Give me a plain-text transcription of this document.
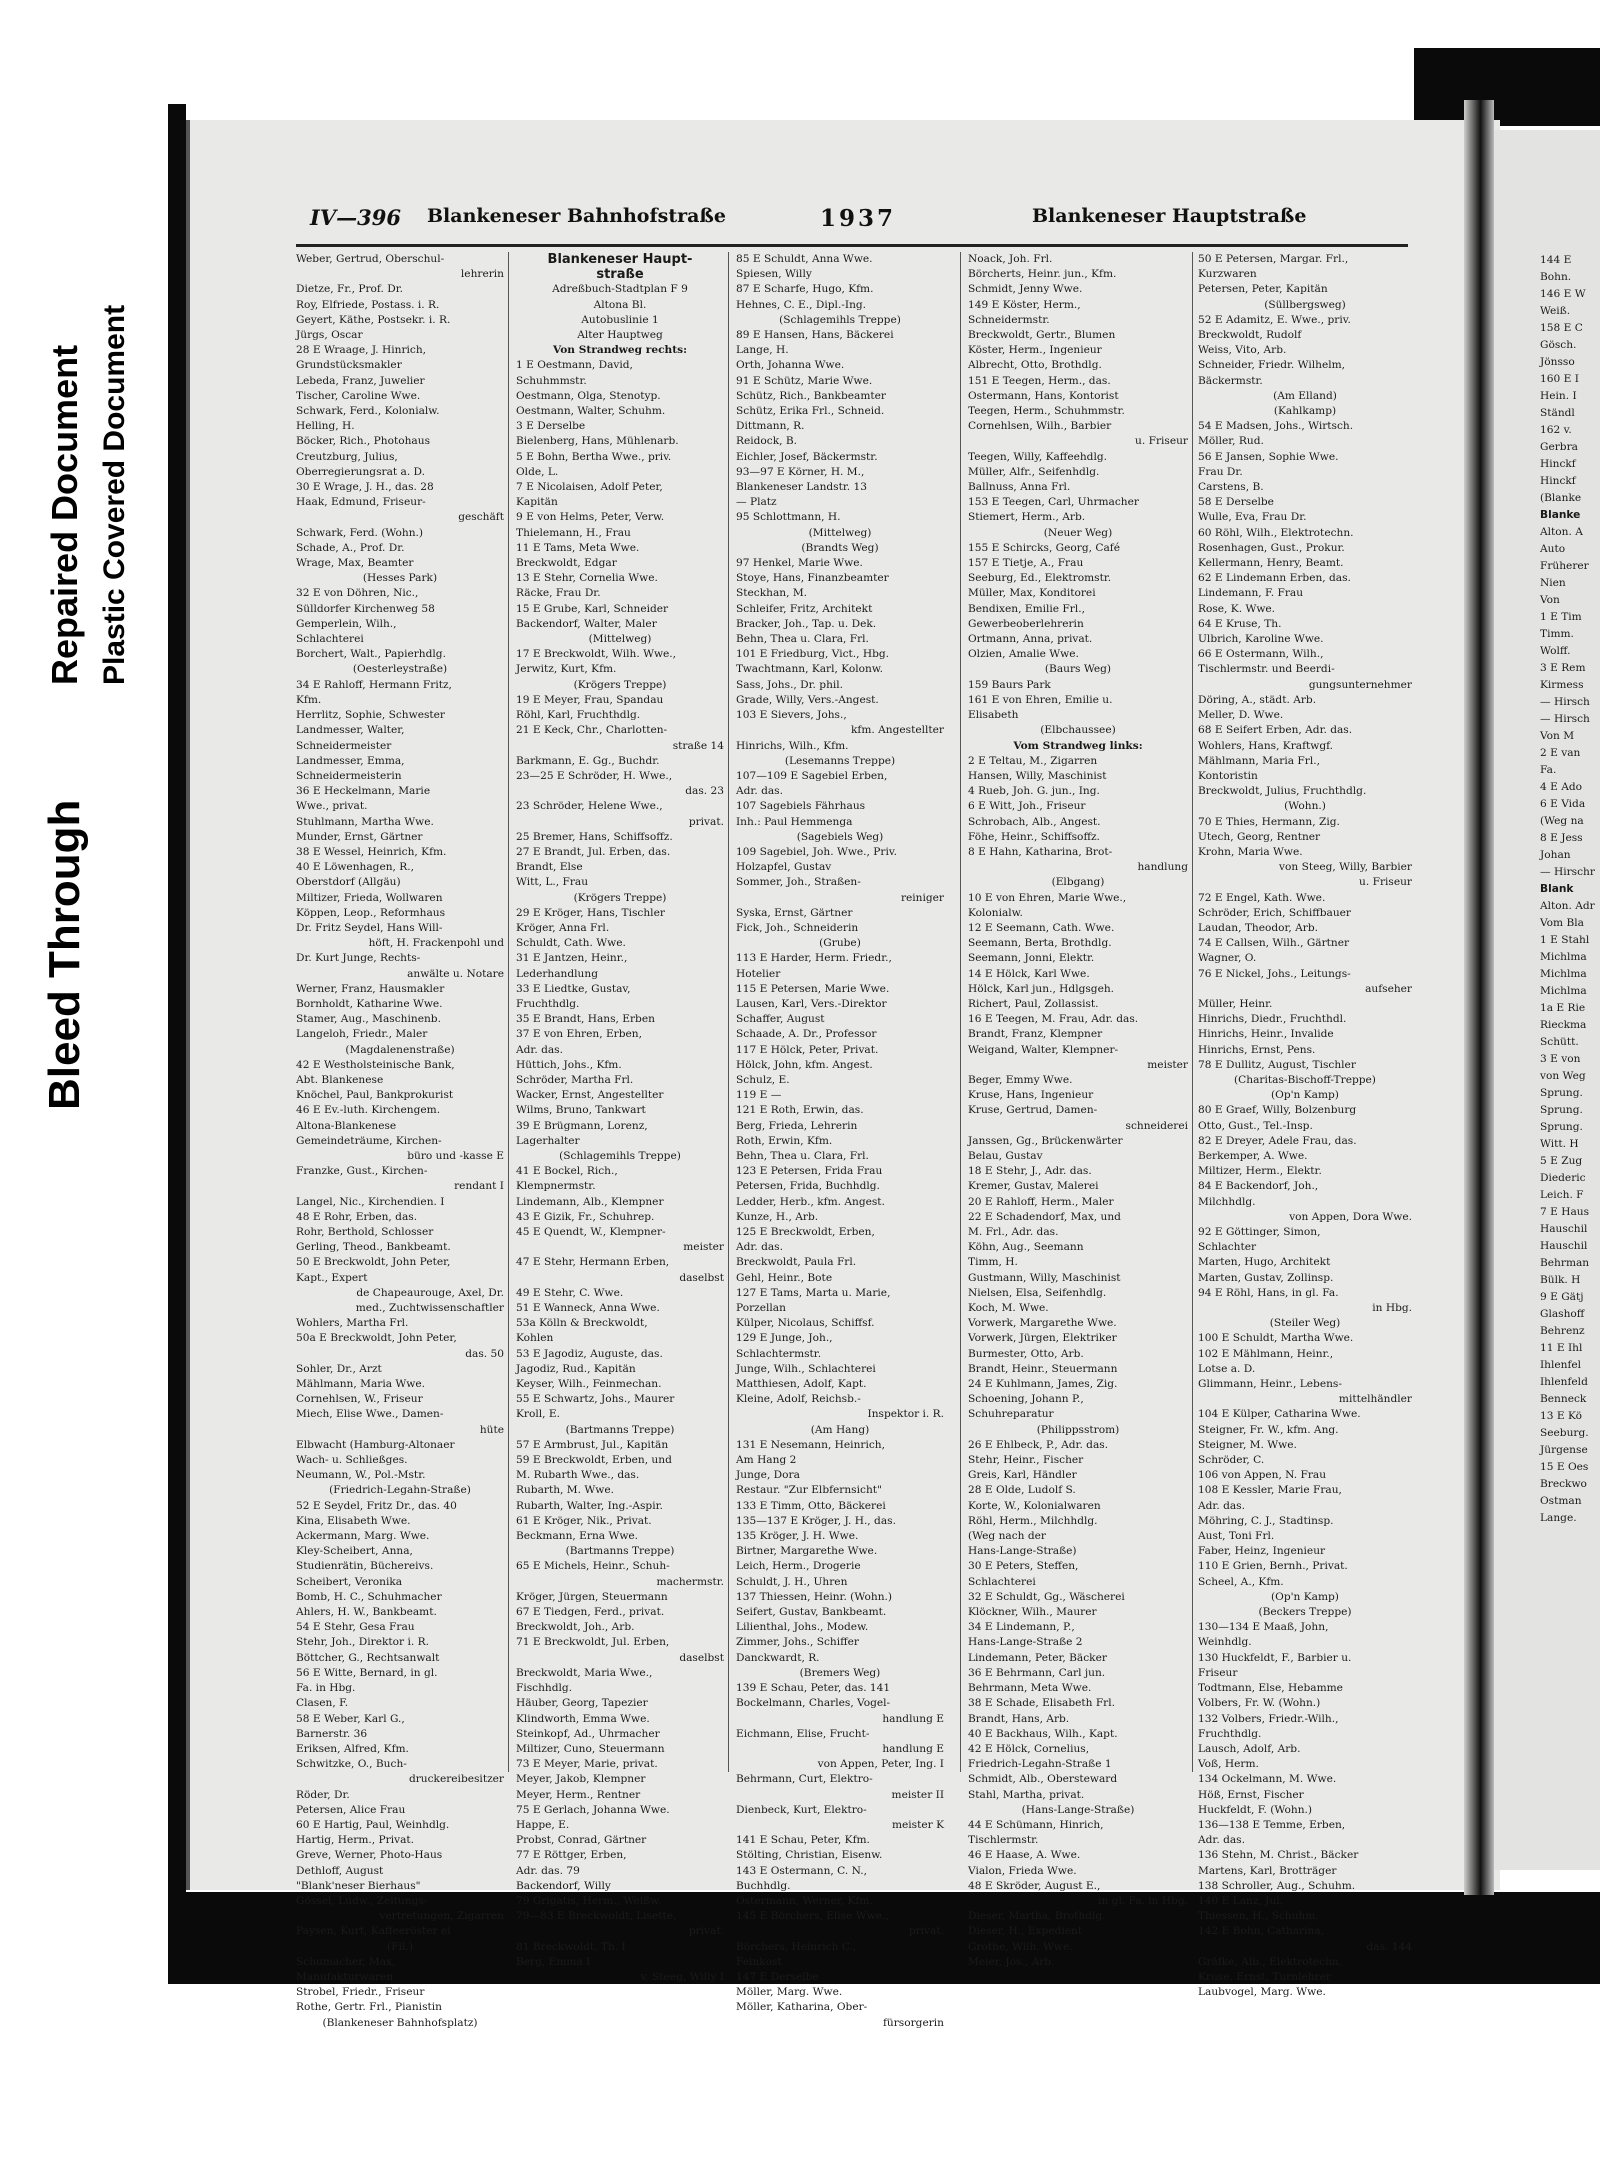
Bleed Through
Repaired Document Plastic Covered Document
IV—396 Blankeneser Bahnhofstraße	1937	Blankeneser Hauptstraße
Weber, Gertrud, Oberschul-
lehrerin
Dietze, Fr., Prof. Dr.
Roy, Elfriede, Postass. i. R.
Geyert, Käthe, Postsekr. i. R.
Jürgs, Oscar
28 E Wraage, J. Hinrich,
Grundstücksmakler
Lebeda, Franz, Juwelier
Tischer, Caroline Wwe.
Schwark, Ferd., Kolonialw.
Helling, H.
Böcker, Rich., Photohaus
Creutzburg, Julius,
Oberregierungsrat a. D.
30 E Wrage, J. H., das. 28
Haak, Edmund, Friseur-
geschäft
Schwark, Ferd. (Wohn.)
Schade, A., Prof. Dr.
Wrage, Max, Beamter
(Hesses Park)
32 E von Döhren, Nic.,
Sülldorfer Kirchenweg 58
Gemperlein, Wilh.,
Schlachterei
Borchert, Walt., Papierhdlg.
(Oesterleystraße)
34 E Rahloff, Hermann Fritz,
Kfm.
Herrlitz, Sophie, Schwester
Landmesser, Walter,
Schneidermeister
Landmesser, Emma,
Schneidermeisterin
36 E Heckelmann, Marie
Wwe., privat.
Stuhlmann, Martha Wwe.
Munder, Ernst, Gärtner
38 E Wessel, Heinrich, Kfm.
40 E Löwenhagen, R.,
Oberstdorf (Allgäu)
Miltizer, Frieda, Wollwaren
Köppen, Leop., Reformhaus
Dr. Fritz Seydel, Hans Will-
höft, H. Frackenpohl und
Dr. Kurt Junge, Rechts-
anwälte u. Notare
Werner, Franz, Hausmakler
Bornholdt, Katharine Wwe.
Stamer, Aug., Maschinenb.
Langeloh, Friedr., Maler
(Magdalenenstraße)
42 E Westholsteinische Bank,
Abt. Blankenese
Knöchel, Paul, Bankprokurist
46 E Ev.-luth. Kirchengem.
Altona-Blankenese
Gemeindeträume, Kirchen-
büro und -kasse E
Franzke, Gust., Kirchen-
rendant I
Langel, Nic., Kirchendien. I
48 E Rohr, Erben, das.
Rohr, Berthold, Schlosser
Gerling, Theod., Bankbeamt.
50 E Breckwoldt, John Peter,
Kapt., Expert
de Chapeaurouge, Axel, Dr.
med., Zuchtwissenschaftler
Wohlers, Martha Frl.
50a E Breckwoldt, John Peter,
das. 50
Sohler, Dr., Arzt
Mählmann, Maria Wwe.
Cornehlsen, W., Friseur
Miech, Elise Wwe., Damen-
hüte
Elbwacht (Hamburg-Altonaer
Wach- u. Schließges.
Neumann, W., Pol.-Mstr.
(Friedrich-Legahn-Straße)
52 E Seydel, Fritz Dr., das. 40
Kina, Elisabeth Wwe.
Ackermann, Marg. Wwe.
Kley-Scheibert, Anna,
Studienrätin, Büchereivs.
Scheibert, Veronika
Bomb, H. C., Schuhmacher
Ahlers, H. W., Bankbeamt.
54 E Stehr, Gesa Frau
Stehr, Joh., Direktor i. R.
Böttcher, G., Rechtsanwalt
56 E Witte, Bernard, in gl.
Fa. in Hbg.
Clasen, F.
58 E Weber, Karl G.,
Barnerstr. 36
Eriksen, Alfred, Kfm.
Schwitzke, O., Buch-
druckereibesitzer
Röder, Dr.
Petersen, Alice Frau
60 E Hartig, Paul, Weinhdlg.
Hartig, Herm., Privat.
Greve, Werner, Photo-Haus
Dethloff, August
"Blank'neser Bierhaus"
Gössel, Ludw., Zeitungs-
vertretungen, Zigarren
Paysen, Kurt, Kaffeeröster ei
(Fil.)
Schumacher, Max,
Manufakturwaren
Strobel, Friedr., Friseur
Rothe, Gertr. Frl., Pianistin
(Blankeneser Bahnhofsplatz)
Blankeneser Haupt-
straße
Adreßbuch-Stadtplan F 9
Altona Bl.
Autobuslinie 1
Alter Hauptweg
Von Strandweg rechts:
1 E Oestmann, David,
Schuhmmstr.
Oestmann, Olga, Stenotyp.
Oestmann, Walter, Schuhm.
3 E Derselbe
Bielenberg, Hans, Mühlenarb.
5 E Bohn, Bertha Wwe., priv.
Olde, L.
7 E Nicolaisen, Adolf Peter,
Kapitän
9 E von Helms, Peter, Verw.
Thielemann, H., Frau
11 E Tams, Meta Wwe.
Breckwoldt, Edgar
13 E Stehr, Cornelia Wwe.
Räcke, Frau Dr.
15 E Grube, Karl, Schneider
Backendorf, Walter, Maler
(Mittelweg)
17 E Breckwoldt, Wilh. Wwe.,
Jerwitz, Kurt, Kfm.
(Krögers Treppe)
19 E Meyer, Frau, Spandau
Röhl, Karl, Fruchthdlg.
21 E Keck, Chr., Charlotten-
straße 14
Barkmann, E. Gg., Buchdr.
23—25 E Schröder, H. Wwe.,
das. 23
23 Schröder, Helene Wwe.,
privat.
25 Bremer, Hans, Schiffsoffz.
27 E Brandt, Jul. Erben, das.
Brandt, Else
Witt, L., Frau
(Krögers Treppe)
29 E Kröger, Hans, Tischler
Kröger, Anna Frl.
Schuldt, Cath. Wwe.
31 E Jantzen, Heinr.,
Lederhandlung
33 E Liedtke, Gustav,
Fruchthdlg.
35 E Brandt, Hans, Erben
37 E von Ehren, Erben,
Adr. das.
Hüttich, Johs., Kfm.
Schröder, Martha Frl.
Wacker, Ernst, Angestellter
Wilms, Bruno, Tankwart
39 E Brügmann, Lorenz,
Lagerhalter
(Schlagemihls Treppe)
41 E Bockel, Rich.,
Klempnermstr.
Lindemann, Alb., Klempner
43 E Gizik, Fr., Schuhrep.
45 E Quendt, W., Klempner-
meister
47 E Stehr, Hermann Erben,
daselbst
49 E Stehr, C. Wwe.
51 E Wanneck, Anna Wwe.
53a Kölln & Breckwoldt,
Kohlen
53 E Jagodiz, Auguste, das.
Jagodiz, Rud., Kapitän
Keyser, Wilh., Feinmechan.
55 E Schwartz, Johs., Maurer
Kroll, E.
(Bartmanns Treppe)
57 E Armbrust, Jul., Kapitän
59 E Breckwoldt, Erben, und
M. Rubarth Wwe., das.
Rubarth, M. Wwe.
Rubarth, Walter, Ing.-Aspir.
61 E Kröger, Nik., Privat.
Beckmann, Erna Wwe.
(Bartmanns Treppe)
65 E Michels, Heinr., Schuh-
machermstr.
Kröger, Jürgen, Steuermann
67 E Tiedgen, Ferd., privat.
Breckwoldt, Joh., Arb.
71 E Breckwoldt, Jul. Erben,
daselbst
Breckwoldt, Maria Wwe.,
Fischhdlg.
Häuber, Georg, Tapezier
Klindworth, Emma Wwe.
Steinkopf, Ad., Uhrmacher
Miltizer, Cuno, Steuermann
73 E Meyer, Marie, privat.
Meyer, Jakob, Klempner
Meyer, Herm., Rentner
75 E Gerlach, Johanna Wwe.
Happe, E.
Probst, Conrad, Gärtner
77 E Röttger, Erben,
Adr. das. 79
Backendorf, Willy
79 Grigatis, Herm., Weißw.
79—83 E Breckwoldt, Lisette,
privat.
81 Breckwoldt, Th. I
Berg, Emma I
v. Steeg, Willy I
85 E Schuldt, Anna Wwe.
Spiesen, Willy
87 E Scharfe, Hugo, Kfm.
Hehnes, C. E., Dipl.-Ing.
(Schlagemihls Treppe)
89 E Hansen, Hans, Bäckerei
Lange, H.
Orth, Johanna Wwe.
91 E Schütz, Marie Wwe.
Schütz, Rich., Bankbeamter
Schütz, Erika Frl., Schneid.
Dittmann, R.
Reidock, B.
Eichler, Josef, Bäckermstr.
93—97 E Körner, H. M.,
Blankeneser Landstr. 13
— Platz
95 Schlottmann, H.
(Mittelweg)
(Brandts Weg)
97 Henkel, Marie Wwe.
Stoye, Hans, Finanzbeamter
Steckhan, M.
Schleifer, Fritz, Architekt
Bracker, Joh., Tap. u. Dek.
Behn, Thea u. Clara, Frl.
101 E Friedburg, Vict., Hbg.
Twachtmann, Karl, Kolonw.
Sass, Johs., Dr. phil.
Grade, Willy, Vers.-Angest.
103 E Sievers, Johs.,
kfm. Angestellter
Hinrichs, Wilh., Kfm.
(Lesemanns Treppe)
107—109 E Sagebiel Erben,
Adr. das.
107 Sagebiels Fährhaus
Inh.: Paul Hemmenga
(Sagebiels Weg)
109 Sagebiel, Joh. Wwe., Priv.
Holzapfel, Gustav
Sommer, Joh., Straßen-
reiniger
Syska, Ernst, Gärtner
Fick, Joh., Schneiderin
(Grube)
113 E Harder, Herm. Friedr.,
Hotelier
115 E Petersen, Marie Wwe.
Lausen, Karl, Vers.-Direktor
Schaffer, August
Schaade, A. Dr., Professor
117 E Hölck, Peter, Privat.
Hölck, John, kfm. Angest.
Schulz, E.
119 E —
121 E Roth, Erwin, das.
Berg, Frieda, Lehrerin
Roth, Erwin, Kfm.
Behn, Thea u. Clara, Frl.
123 E Petersen, Frida Frau
Petersen, Frida, Buchhdlg.
Ledder, Herb., kfm. Angest.
Kunze, H., Arb.
125 E Breckwoldt, Erben,
Adr. das.
Breckwoldt, Paula Frl.
Gehl, Heinr., Bote
127 E Tams, Marta u. Marie,
Porzellan
Külper, Nicolaus, Schiffsf.
129 E Junge, Joh.,
Schlachtermstr.
Junge, Wilh., Schlachterei
Matthiesen, Adolf, Kapt.
Kleine, Adolf, Reichsb.-
Inspektor i. R.
(Am Hang)
131 E Nesemann, Heinrich,
Am Hang 2
Junge, Dora
Restaur. "Zur Elbfernsicht"
133 E Timm, Otto, Bäckerei
135—137 E Kröger, J. H., das.
135 Kröger, J. H. Wwe.
Birtner, Margarethe Wwe.
Leich, Herm., Drogerie
Schuldt, J. H., Uhren
137 Thiessen, Heinr. (Wohn.)
Seifert, Gustav, Bankbeamt.
Lilienthal, Johs., Modew.
Zimmer, Johs., Schiffer
Danckwardt, R.
(Bremers Weg)
139 E Schau, Peter, das. 141
Bockelmann, Charles, Vogel-
handlung E
Eichmann, Elise, Frucht-
handlung E
von Appen, Peter, Ing. I
Behrmann, Curt, Elektro-
meister II
Dienbeck, Kurt, Elektro-
meister K
141 E Schau, Peter, Kfm.
Stölting, Christian, Eisenw.
143 E Ostermann, C. N.,
Buchhdlg.
Ostermann, Werner, Kfm.
145 E Börchers, Elise Wwe.,
privat.
Börchers, Heinrich C.,
Feinkost
147 E Derselbe
Möller, Marg. Wwe.
Möller, Katharina, Ober-
fürsorgerin
Noack, Joh. Frl.
Börcherts, Heinr. jun., Kfm.
Schmidt, Jenny Wwe.
149 E Köster, Herm.,
Schneidermstr.
Breckwoldt, Gertr., Blumen
Köster, Herm., Ingenieur
Albrecht, Otto, Brothdlg.
151 E Teegen, Herm., das.
Ostermann, Hans, Kontorist
Teegen, Herm., Schuhmmstr.
Cornehlsen, Wilh., Barbier
u. Friseur
Teegen, Willy, Kaffeehdlg.
Müller, Alfr., Seifenhdlg.
Ballnuss, Anna Frl.
153 E Teegen, Carl, Uhrmacher
Stiemert, Herm., Arb.
(Neuer Weg)
155 E Schircks, Georg, Café
157 E Tietje, A., Frau
Seeburg, Ed., Elektromstr.
Müller, Max, Konditorei
Bendixen, Emilie Frl.,
Gewerbeoberlehrerin
Ortmann, Anna, privat.
Olzien, Amalie Wwe.
(Baurs Weg)
159 Baurs Park
161 E von Ehren, Emilie u.
Elisabeth
(Elbchaussee)
Vom Strandweg links:
2 E Teltau, M., Zigarren
Hansen, Willy, Maschinist
4 Rueb, Joh. G. jun., Ing.
6 E Witt, Joh., Friseur
Schrobach, Alb., Angest.
Föhe, Heinr., Schiffsoffz.
8 E Hahn, Katharina, Brot-
handlung
(Elbgang)
10 E von Ehren, Marie Wwe.,
Kolonialw.
12 E Seemann, Cath. Wwe.
Seemann, Berta, Brothdlg.
Seemann, Jonni, Elektr.
14 E Hölck, Karl Wwe.
Hölck, Karl jun., Hdlgsgeh.
Richert, Paul, Zollassist.
16 E Teegen, M. Frau, Adr. das.
Brandt, Franz, Klempner
Weigand, Walter, Klempner-
meister
Beger, Emmy Wwe.
Kruse, Hans, Ingenieur
Kruse, Gertrud, Damen-
schneiderei
Janssen, Gg., Brückenwärter
Belau, Gustav
18 E Stehr, J., Adr. das.
Kremer, Gustav, Malerei
20 E Rahloff, Herm., Maler
22 E Schadendorf, Max, und
M. Frl., Adr. das.
Köhn, Aug., Seemann
Timm, H.
Gustmann, Willy, Maschinist
Nielsen, Elsa, Seifenhdlg.
Koch, M. Wwe.
Vorwerk, Margarethe Wwe.
Vorwerk, Jürgen, Elektriker
Burmester, Otto, Arb.
Brandt, Heinr., Steuermann
24 E Kuhlmann, James, Zig.
Schoening, Johann P.,
Schuhreparatur
(Philippsstrom)
26 E Ehlbeck, P., Adr. das.
Stehr, Heinr., Fischer
Greis, Karl, Händler
28 E Olde, Ludolf S.
Korte, W., Kolonialwaren
Röhl, Herm., Milchhdlg.
(Weg nach der
Hans-Lange-Straße)
30 E Peters, Steffen,
Schlachterei
32 E Schuldt, Gg., Wäscherei
Klöckner, Wilh., Maurer
34 E Lindemann, P.,
Hans-Lange-Straße 2
Lindemann, Peter, Bäcker
36 E Behrmann, Carl jun.
Behrmann, Meta Wwe.
38 E Schade, Elisabeth Frl.
Brandt, Hans, Arb.
40 E Backhaus, Wilh., Kapt.
42 E Hölck, Cornelius,
Friedrich-Legahn-Straße 1
Schmidt, Alb., Obersteward
Stahl, Martha, privat.
(Hans-Lange-Straße)
44 E Schümann, Hinrich,
Tischlermstr.
46 E Haase, A. Wwe.
Vialon, Frieda Wwe.
48 E Skröder, August E.,
in gl. Fa. in Hbg.
Dieser, Martha, Brothdlg.
Dieser, H., Expedient
Grothe, Wilh. Wwe.
Meier, Jos., Arb.
50 E Petersen, Margar. Frl.,
Kurzwaren
Petersen, Peter, Kapitän
(Süllbergsweg)
52 E Adamitz, E. Wwe., priv.
Breckwoldt, Rudolf
Weiss, Vito, Arb.
Schneider, Friedr. Wilhelm,
Bäckermstr.
(Am Elland)
(Kahlkamp)
54 E Madsen, Johs., Wirtsch.
Möller, Rud.
56 E Jansen, Sophie Wwe.
Frau Dr.
Carstens, B.
58 E Derselbe
Wulle, Eva, Frau Dr.
60 Röhl, Wilh., Elektrotechn.
Rosenhagen, Gust., Prokur.
Kellermann, Henry, Beamt.
62 E Lindemann Erben, das.
Lindemann, F. Frau
Rose, K. Wwe.
64 E Kruse, Th.
Ulbrich, Karoline Wwe.
66 E Ostermann, Wilh.,
Tischlermstr. und Beerdi-
gungsunternehmer
Döring, A., städt. Arb.
Meller, D. Wwe.
68 E Seifert Erben, Adr. das.
Wohlers, Hans, Kraftwgf.
Mählmann, Maria Frl.,
Kontoristin
Breckwoldt, Julius, Fruchthdlg.
(Wohn.)
70 E Thies, Hermann, Zig.
Utech, Georg, Rentner
Krohn, Maria Wwe.
von Steeg, Willy, Barbier
u. Friseur
72 E Engel, Kath. Wwe.
Schröder, Erich, Schiffbauer
Laudan, Theodor, Arb.
74 E Callsen, Wilh., Gärtner
Wagner, O.
76 E Nickel, Johs., Leitungs-
aufseher
Müller, Heinr.
Hinrichs, Diedr., Fruchthdl.
Hinrichs, Heinr., Invalide
Hinrichs, Ernst, Pens.
78 E Dullitz, August, Tischler
(Charitas-Bischoff-Treppe)
(Op'n Kamp)
80 E Graef, Willy, Bolzenburg
Otto, Gust., Tel.-Insp.
82 E Dreyer, Adele Frau, das.
Berkemper, A. Wwe.
Miltizer, Herm., Elektr.
84 E Backendorf, Joh.,
Milchhdlg.
von Appen, Dora Wwe.
92 E Göttinger, Simon,
Schlachter
Marten, Hugo, Architekt
Marten, Gustav, Zollinsp.
94 E Röhl, Hans, in gl. Fa.
in Hbg.
(Steiler Weg)
100 E Schuldt, Martha Wwe.
102 E Mählmann, Heinr.,
Lotse a. D.
Glimmann, Heinr., Lebens-
mittelhändler
104 E Külper, Catharina Wwe.
Steigner, Fr. W., kfm. Ang.
Steigner, M. Wwe.
Schröder, C.
106 von Appen, N. Frau
108 E Kessler, Marie Frau,
Adr. das.
Möhring, C. J., Stadtinsp.
Aust, Toni Frl.
Faber, Heinz, Ingenieur
110 E Grien, Bernh., Privat.
Scheel, A., Kfm.
(Op'n Kamp)
(Beckers Treppe)
130—134 E Maaß, John,
Weinhdlg.
130 Huckfeldt, F., Barbier u.
Friseur
Todtmann, Else, Hebamme
Volbers, Fr. W. (Wohn.)
132 Volbers, Friedr.-Wilh.,
Fruchthdlg.
Lausch, Adolf, Arb.
Voß, Herm.
134 Ockelmann, M. Wwe.
Höß, Ernst, Fischer
Huckfeldt, F. (Wohn.)
136—138 E Temme, Erben,
Adr. das.
136 Stehn, M. Christ., Bäcker
Martens, Karl, Brotträger
138 Schroller, Aug., Schuhm.
140 E Lanz, Jul.
Thiessen, H., Schuhm.
142 E Bohn, Catharina,
das. 144
Gräfke, Alb., Elektrotechn.
Kruse, Ernst, Turnlehrer
Laubvogel, Marg. Wwe.
144 E
Bohn.
146 E W
Weiß.
158 E C
Gösch.
Jönsso
160 E I
Hein. I
Ständl
162 v.
Gerbra
Hinckf
Hinckf
(Blanke
Blanke
Alton. A
Auto
Früherer
Nien
Von
1 E Tim
Timm.
Wolff.
3 E Rem
Kirmess
— Hirsch
— Hirsch
Von M
2 E van
Fa.
4 E Ado
6 E Vida
(Weg na
8 E Jess
Johan
— Hirschr
Blank
Alton. Adr
Vom Bla
1 E Stahl
Michlma
Michlma
Michlma
1a E Rie
Rieckma
Schütt.
3 E von
von Weg
Sprung.
Sprung.
Sprung.
Witt. H
5 E Zug
Diederic
Leich. F
7 E Haus
Hauschil
Hauschil
Behrman
Bülk. H
9 E Gätj
Glashoff
Behrenz
11 E Ihl
Ihlenfel
Ihlenfeld
Benneck
13 E Kö
Seeburg.
Jürgense
15 E Oes
Breckwo
Ostman
Lange.
